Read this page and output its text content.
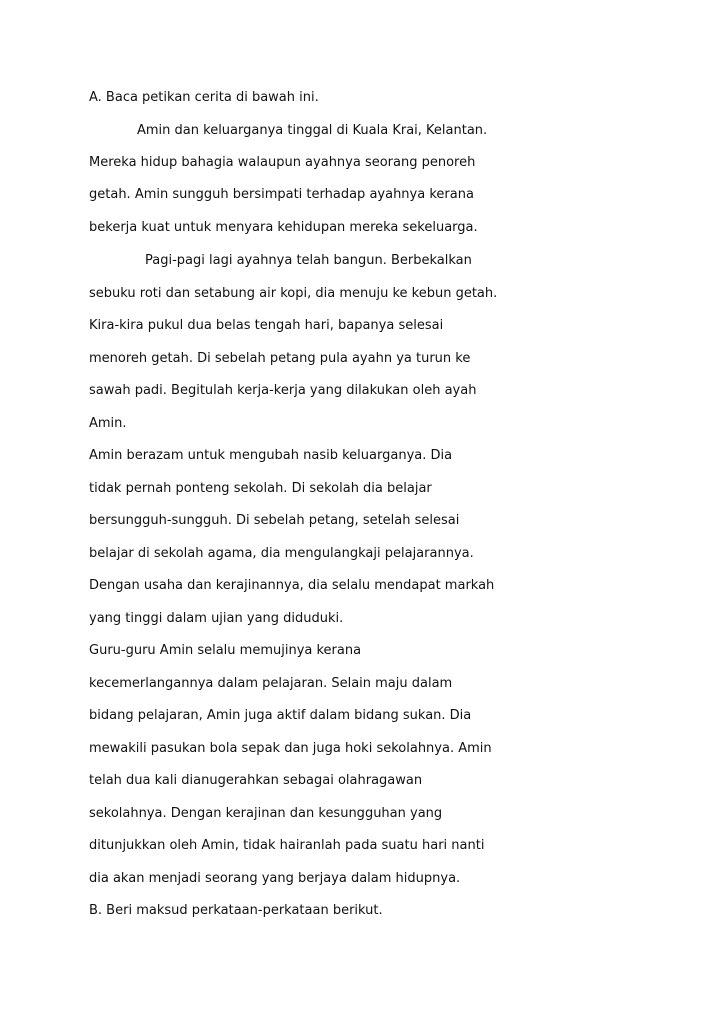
A. Baca petikan cerita di bawah ini.

Amin dan keluarganya tinggal di Kuala Krai, Kelantan.

Mereka hidup bahagia walaupun ayahnya seorang penoreh

getah. Amin sungguh bersimpati terhadap ayahnya kerana

bekerja kuat untuk menyara kehidupan mereka sekeluarga.

Pagi-pagi lagi ayahnya telah bangun. Berbekalkan

sebuku roti dan setabung air kopi, dia menuju ke kebun getah.

Kira-kira pukul dua belas tengah hari, bapanya selesai

menoreh getah. Di sebelah petang pula ayahn ya turun ke

sawah padi. Begitulah kerja-kerja yang dilakukan oleh ayah

Amin.

Amin berazam untuk mengubah nasib keluarganya. Dia

tidak pernah ponteng sekolah. Di sekolah dia belajar

bersungguh-sungguh. Di sebelah petang, setelah selesai

belajar di sekolah agama, dia mengulangkaji pelajarannya.

Dengan usaha dan kerajinannya, dia selalu mendapat markah

yang tinggi dalam ujian yang diduduki.

Guru-guru Amin selalu memujinya kerana

kecemerlangannya dalam pelajaran. Selain maju dalam

bidang pelajaran, Amin juga aktif dalam bidang sukan. Dia

mewakili pasukan bola sepak dan juga hoki sekolahnya. Amin

telah dua kali dianugerahkan sebagai olahragawan

sekolahnya. Dengan kerajinan dan kesungguhan yang

ditunjukkan oleh Amin, tidak hairanlah pada suatu hari nanti

dia akan menjadi seorang yang berjaya dalam hidupnya.

B. Beri maksud perkataan-perkataan berikut.
